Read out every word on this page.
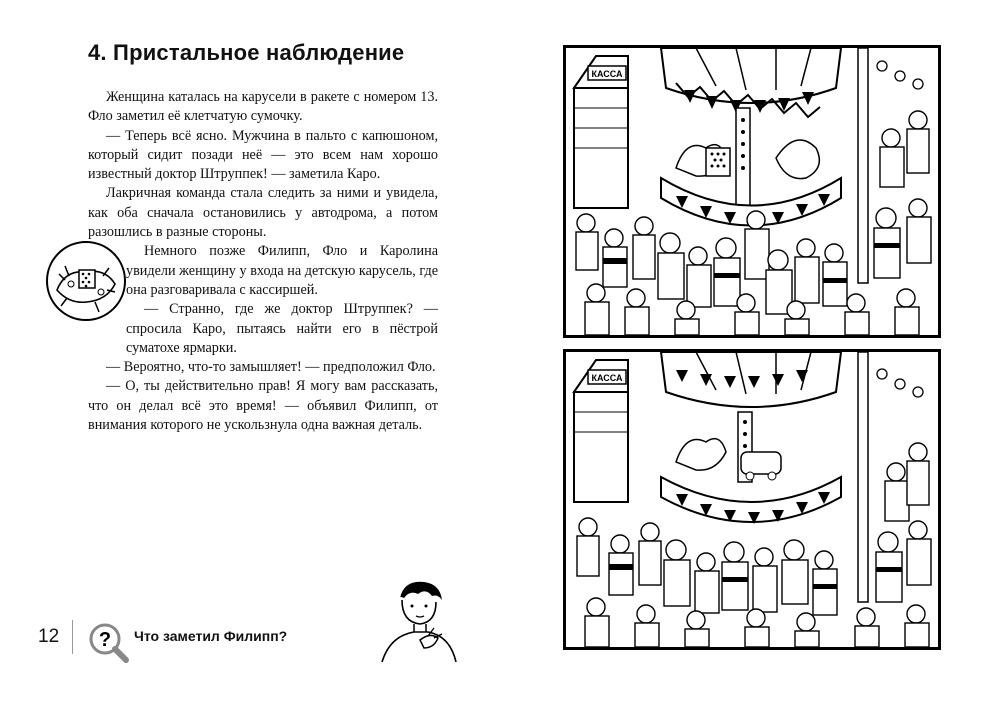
4. Пристальное наблюдение

Женщина каталась на карусели в ракете с номером 13. Фло заметил её клетчатую сумочку.

— Теперь всё ясно. Мужчина в пальто с капюшоном, который сидит позади неё — это всем нам хорошо известный доктор Штруппек! — заметила Каро.

Лакричная команда стала следить за ними и увидела, как оба сначала остановились у автодрома, а потом разошлись в разные стороны.

Немного позже Филипп, Фло и Каролина увидели женщину у входа на детскую карусель, где она разговаривала с кассиршей.

— Странно, где же доктор Штруппек? — спросила Каро, пытаясь найти его в пёстрой суматохе ярмарки.

— Вероятно, что-то замышляет! — предположил Фло.

— О, ты действительно прав! Я могу вам рассказать, что он делал всё это время! — объявил Филипп, от внимания которого не ускользнула одна важная деталь.

КАССА
КАССА
12 ? Что заметил Филипп?
